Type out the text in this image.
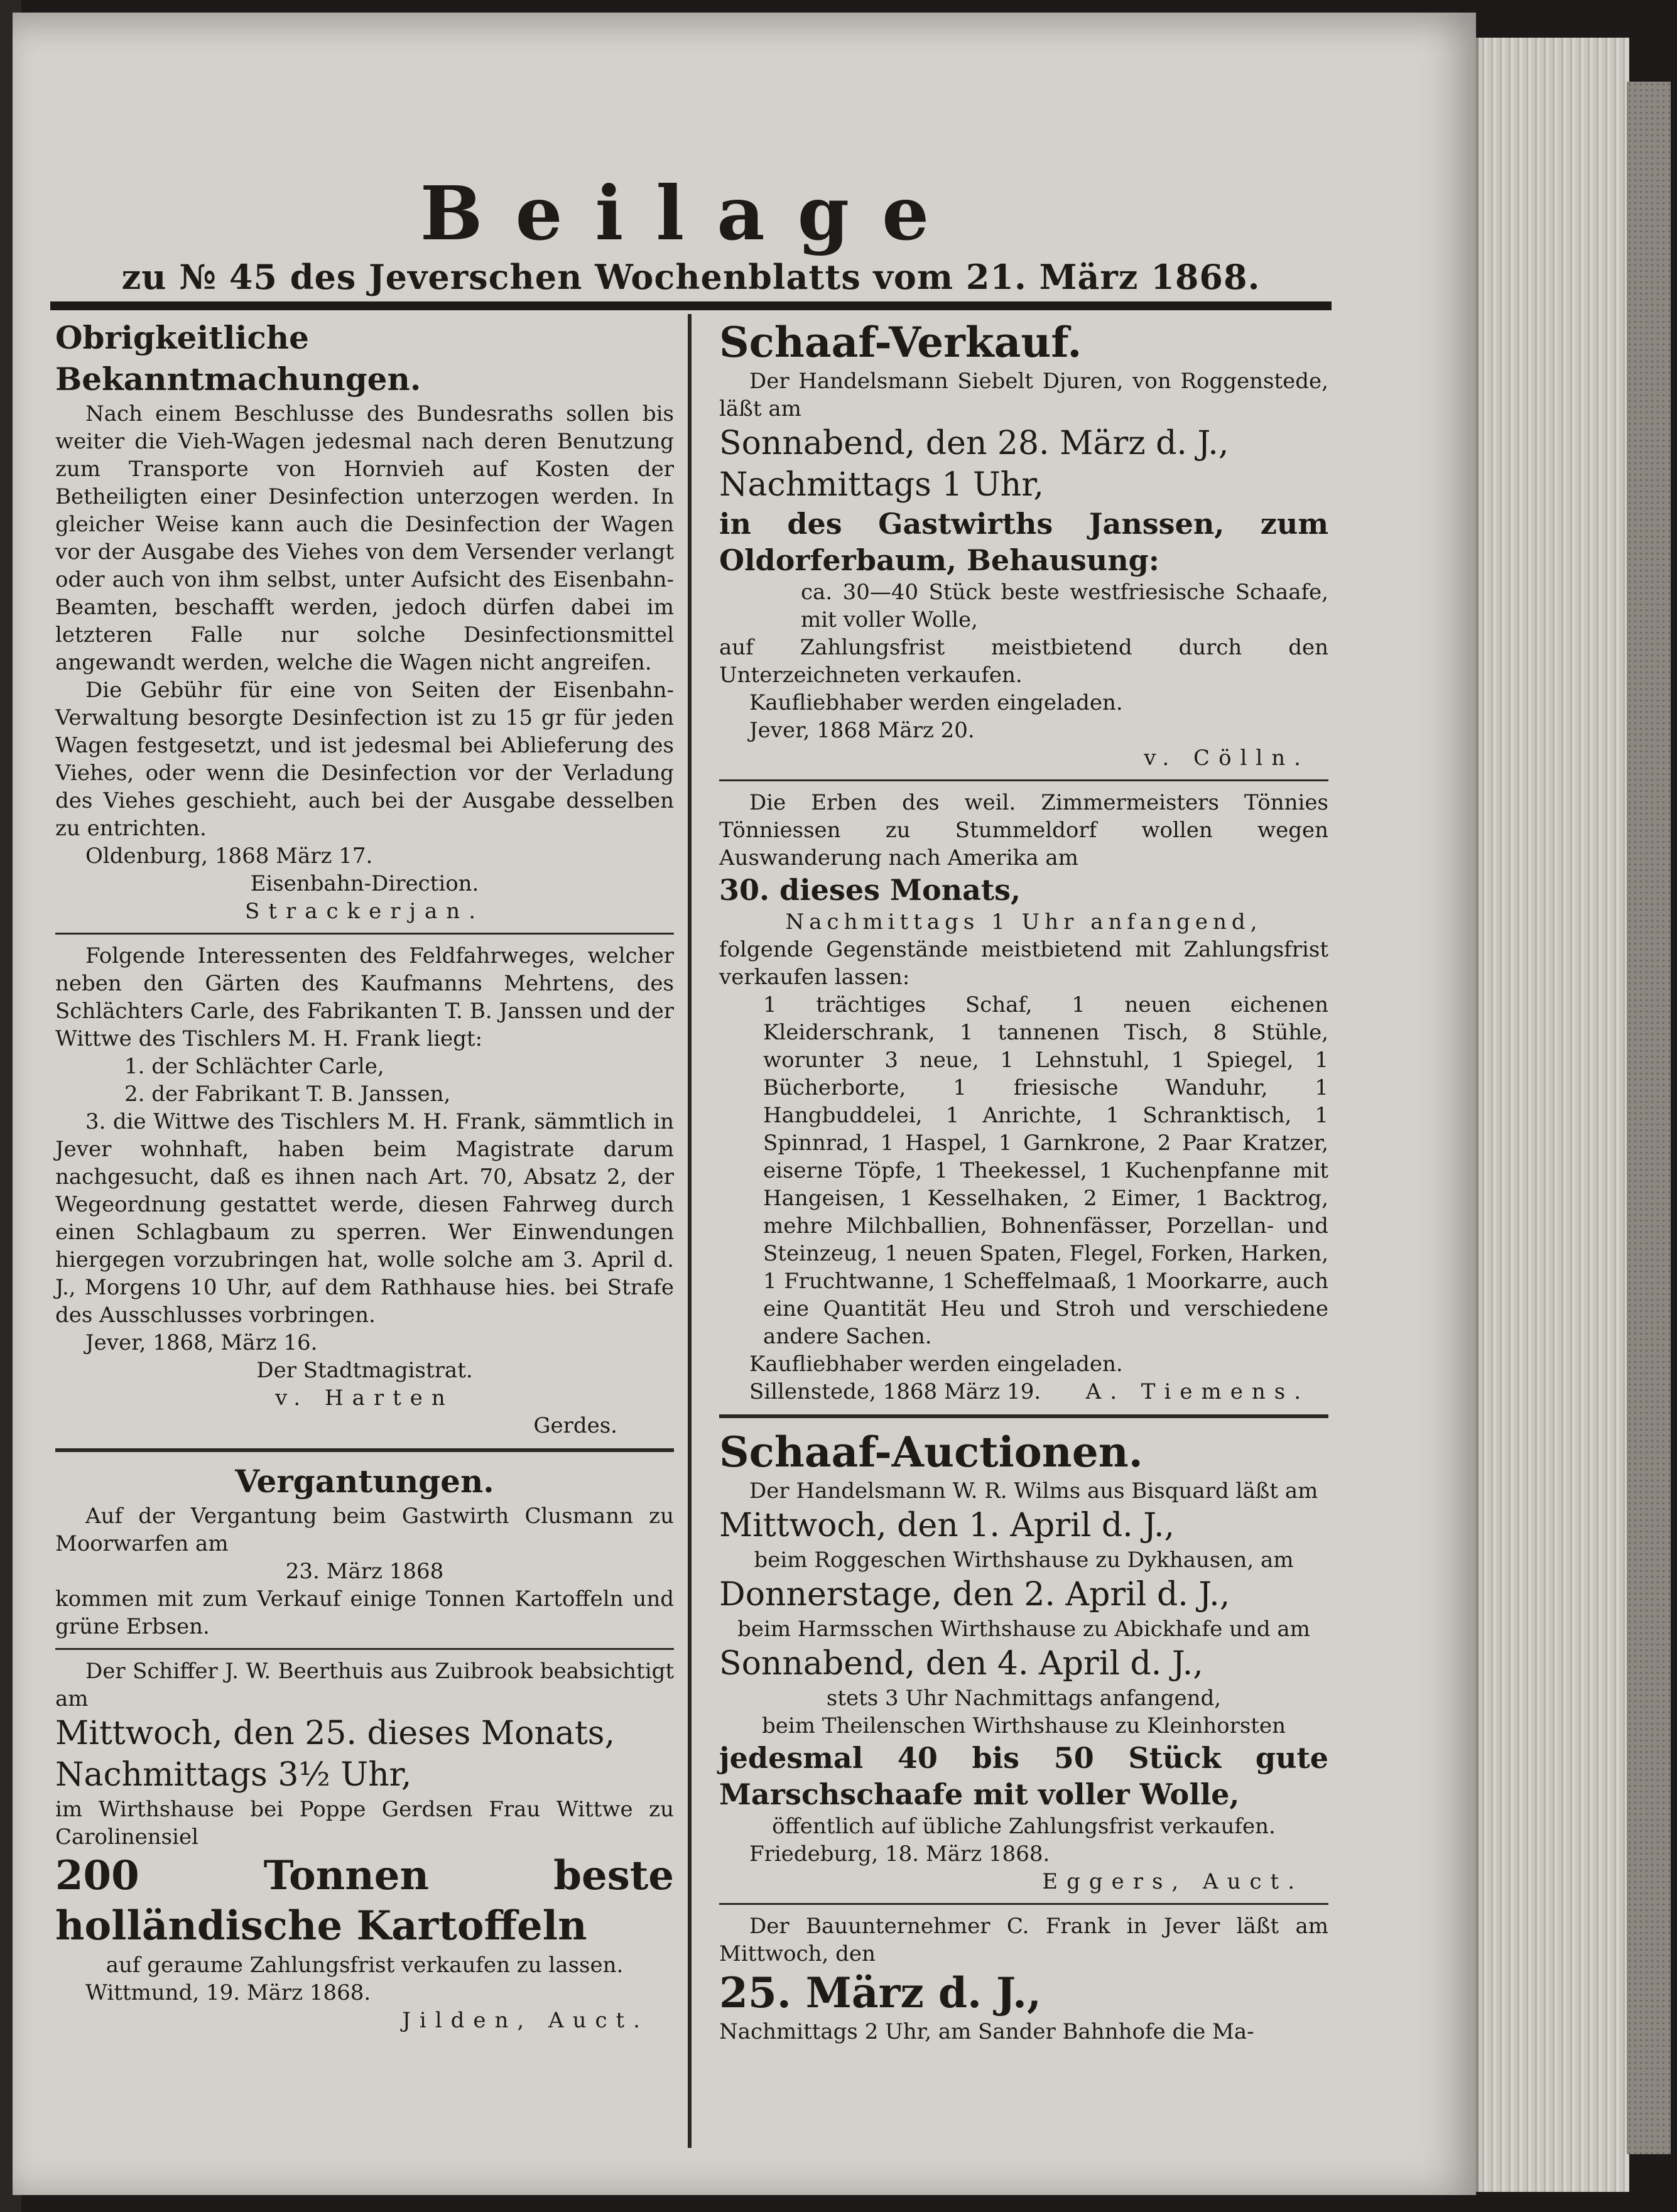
Beilage

zu № 45 des Jeverschen Wochenblatts vom 21. März 1868.

Obrigkeitliche Bekanntmachungen.

Nach einem Beschlusse des Bundesraths sollen bis weiter die Vieh-Wagen jedesmal nach deren Benutzung zum Transporte von Hornvieh auf Kosten der Betheiligten einer Desinfection unterzogen werden. In gleicher Weise kann auch die Desinfection der Wagen vor der Ausgabe des Viehes von dem Versender verlangt oder auch von ihm selbst, unter Aufsicht des Eisenbahn-Beamten, beschafft werden, jedoch dürfen dabei im letzteren Falle nur solche Desinfectionsmittel angewandt werden, welche die Wagen nicht angreifen.

Die Gebühr für eine von Seiten der Eisenbahn-Verwaltung besorgte Desinfection ist zu 15 gr für jeden Wagen festgesetzt, und ist jedesmal bei Ablieferung des Viehes, oder wenn die Desinfection vor der Verladung des Viehes geschieht, auch bei der Ausgabe desselben zu entrichten.

Oldenburg, 1868 März 17.

Eisenbahn-Direction.

Strackerjan.

Folgende Interessenten des Feldfahrweges, welcher neben den Gärten des Kaufmanns Mehrtens, des Schlächters Carle, des Fabrikanten T. B. Janssen und der Wittwe des Tischlers M. H. Frank liegt:

1. der Schlächter Carle,

2. der Fabrikant T. B. Janssen,

3. die Wittwe des Tischlers M. H. Frank, sämmtlich in Jever wohnhaft, haben beim Magistrate darum nachgesucht, daß es ihnen nach Art. 70, Absatz 2, der Wegeordnung gestattet werde, diesen Fahrweg durch einen Schlagbaum zu sperren. Wer Einwendungen hiergegen vorzubringen hat, wolle solche am 3. April d. J., Morgens 10 Uhr, auf dem Rathhause hies. bei Strafe des Ausschlusses vorbringen.

Jever, 1868, März 16.

Der Stadtmagistrat.

v. Harten

Gerdes.

Vergantungen.

Auf der Vergantung beim Gastwirth Clusmann zu Moorwarfen am

23. März 1868

kommen mit zum Verkauf einige Tonnen Kartoffeln und grüne Erbsen.

Der Schiffer J. W. Beerthuis aus Zuibrook beabsichtigt am

Mittwoch, den 25. dieses Monats,

Nachmittags 3½ Uhr,

im Wirthshause bei Poppe Gerdsen Frau Wittwe zu Carolinensiel

200 Tonnen beste holländische Kartoffeln

auf geraume Zahlungsfrist verkaufen zu lassen.

Wittmund, 19. März 1868.

Jilden, Auct.

Schaaf-Verkauf.

Der Handelsmann Siebelt Djuren, von Roggenstede, läßt am

Sonnabend, den 28. März d. J.,

Nachmittags 1 Uhr,

in des Gastwirths Janssen, zum Oldorferbaum, Behausung:

ca. 30—40 Stück beste westfriesische Schaafe, mit voller Wolle,

auf Zahlungsfrist meistbietend durch den Unterzeichneten verkaufen.

Kaufliebhaber werden eingeladen.

Jever, 1868 März 20.

v. Cölln.

Die Erben des weil. Zimmermeisters Tönnies Tönniessen zu Stummeldorf wollen wegen Auswanderung nach Amerika am

30. dieses Monats,

Nachmittags 1 Uhr anfangend,

folgende Gegenstände meistbietend mit Zahlungsfrist verkaufen lassen:

1 trächtiges Schaf, 1 neuen eichenen Kleiderschrank, 1 tannenen Tisch, 8 Stühle, worunter 3 neue, 1 Lehnstuhl, 1 Spiegel, 1 Bücherborte, 1 friesische Wanduhr, 1 Hangbuddelei, 1 Anrichte, 1 Schranktisch, 1 Spinnrad, 1 Haspel, 1 Garnkrone, 2 Paar Kratzer, eiserne Töpfe, 1 Theekessel, 1 Kuchenpfanne mit Hangeisen, 1 Kesselhaken, 2 Eimer, 1 Backtrog, mehre Milchballien, Bohnenfässer, Porzellan- und Steinzeug, 1 neuen Spaten, Flegel, Forken, Harken, 1 Fruchtwanne, 1 Scheffelmaaß, 1 Moorkarre, auch eine Quantität Heu und Stroh und verschiedene andere Sachen.

Kaufliebhaber werden eingeladen.

Sillenstede, 1868 März 19.	A. Tiemens.

Schaaf-Auctionen.

Der Handelsmann W. R. Wilms aus Bisquard läßt am

Mittwoch, den 1. April d. J.,

beim Roggeschen Wirthshause zu Dykhausen, am

Donnerstage, den 2. April d. J.,

beim Harmsschen Wirthshause zu Abickhafe und am

Sonnabend, den 4. April d. J.,

stets 3 Uhr Nachmittags anfangend,

beim Theilenschen Wirthshause zu Kleinhorsten

jedesmal 40 bis 50 Stück gute Marschschaafe mit voller Wolle,

öffentlich auf übliche Zahlungsfrist verkaufen.

Friedeburg, 18. März 1868.

Eggers, Auct.

Der Bauunternehmer C. Frank in Jever läßt am Mittwoch, den

25. März d. J.,

Nachmittags 2 Uhr, am Sander Bahnhofe die Ma-
